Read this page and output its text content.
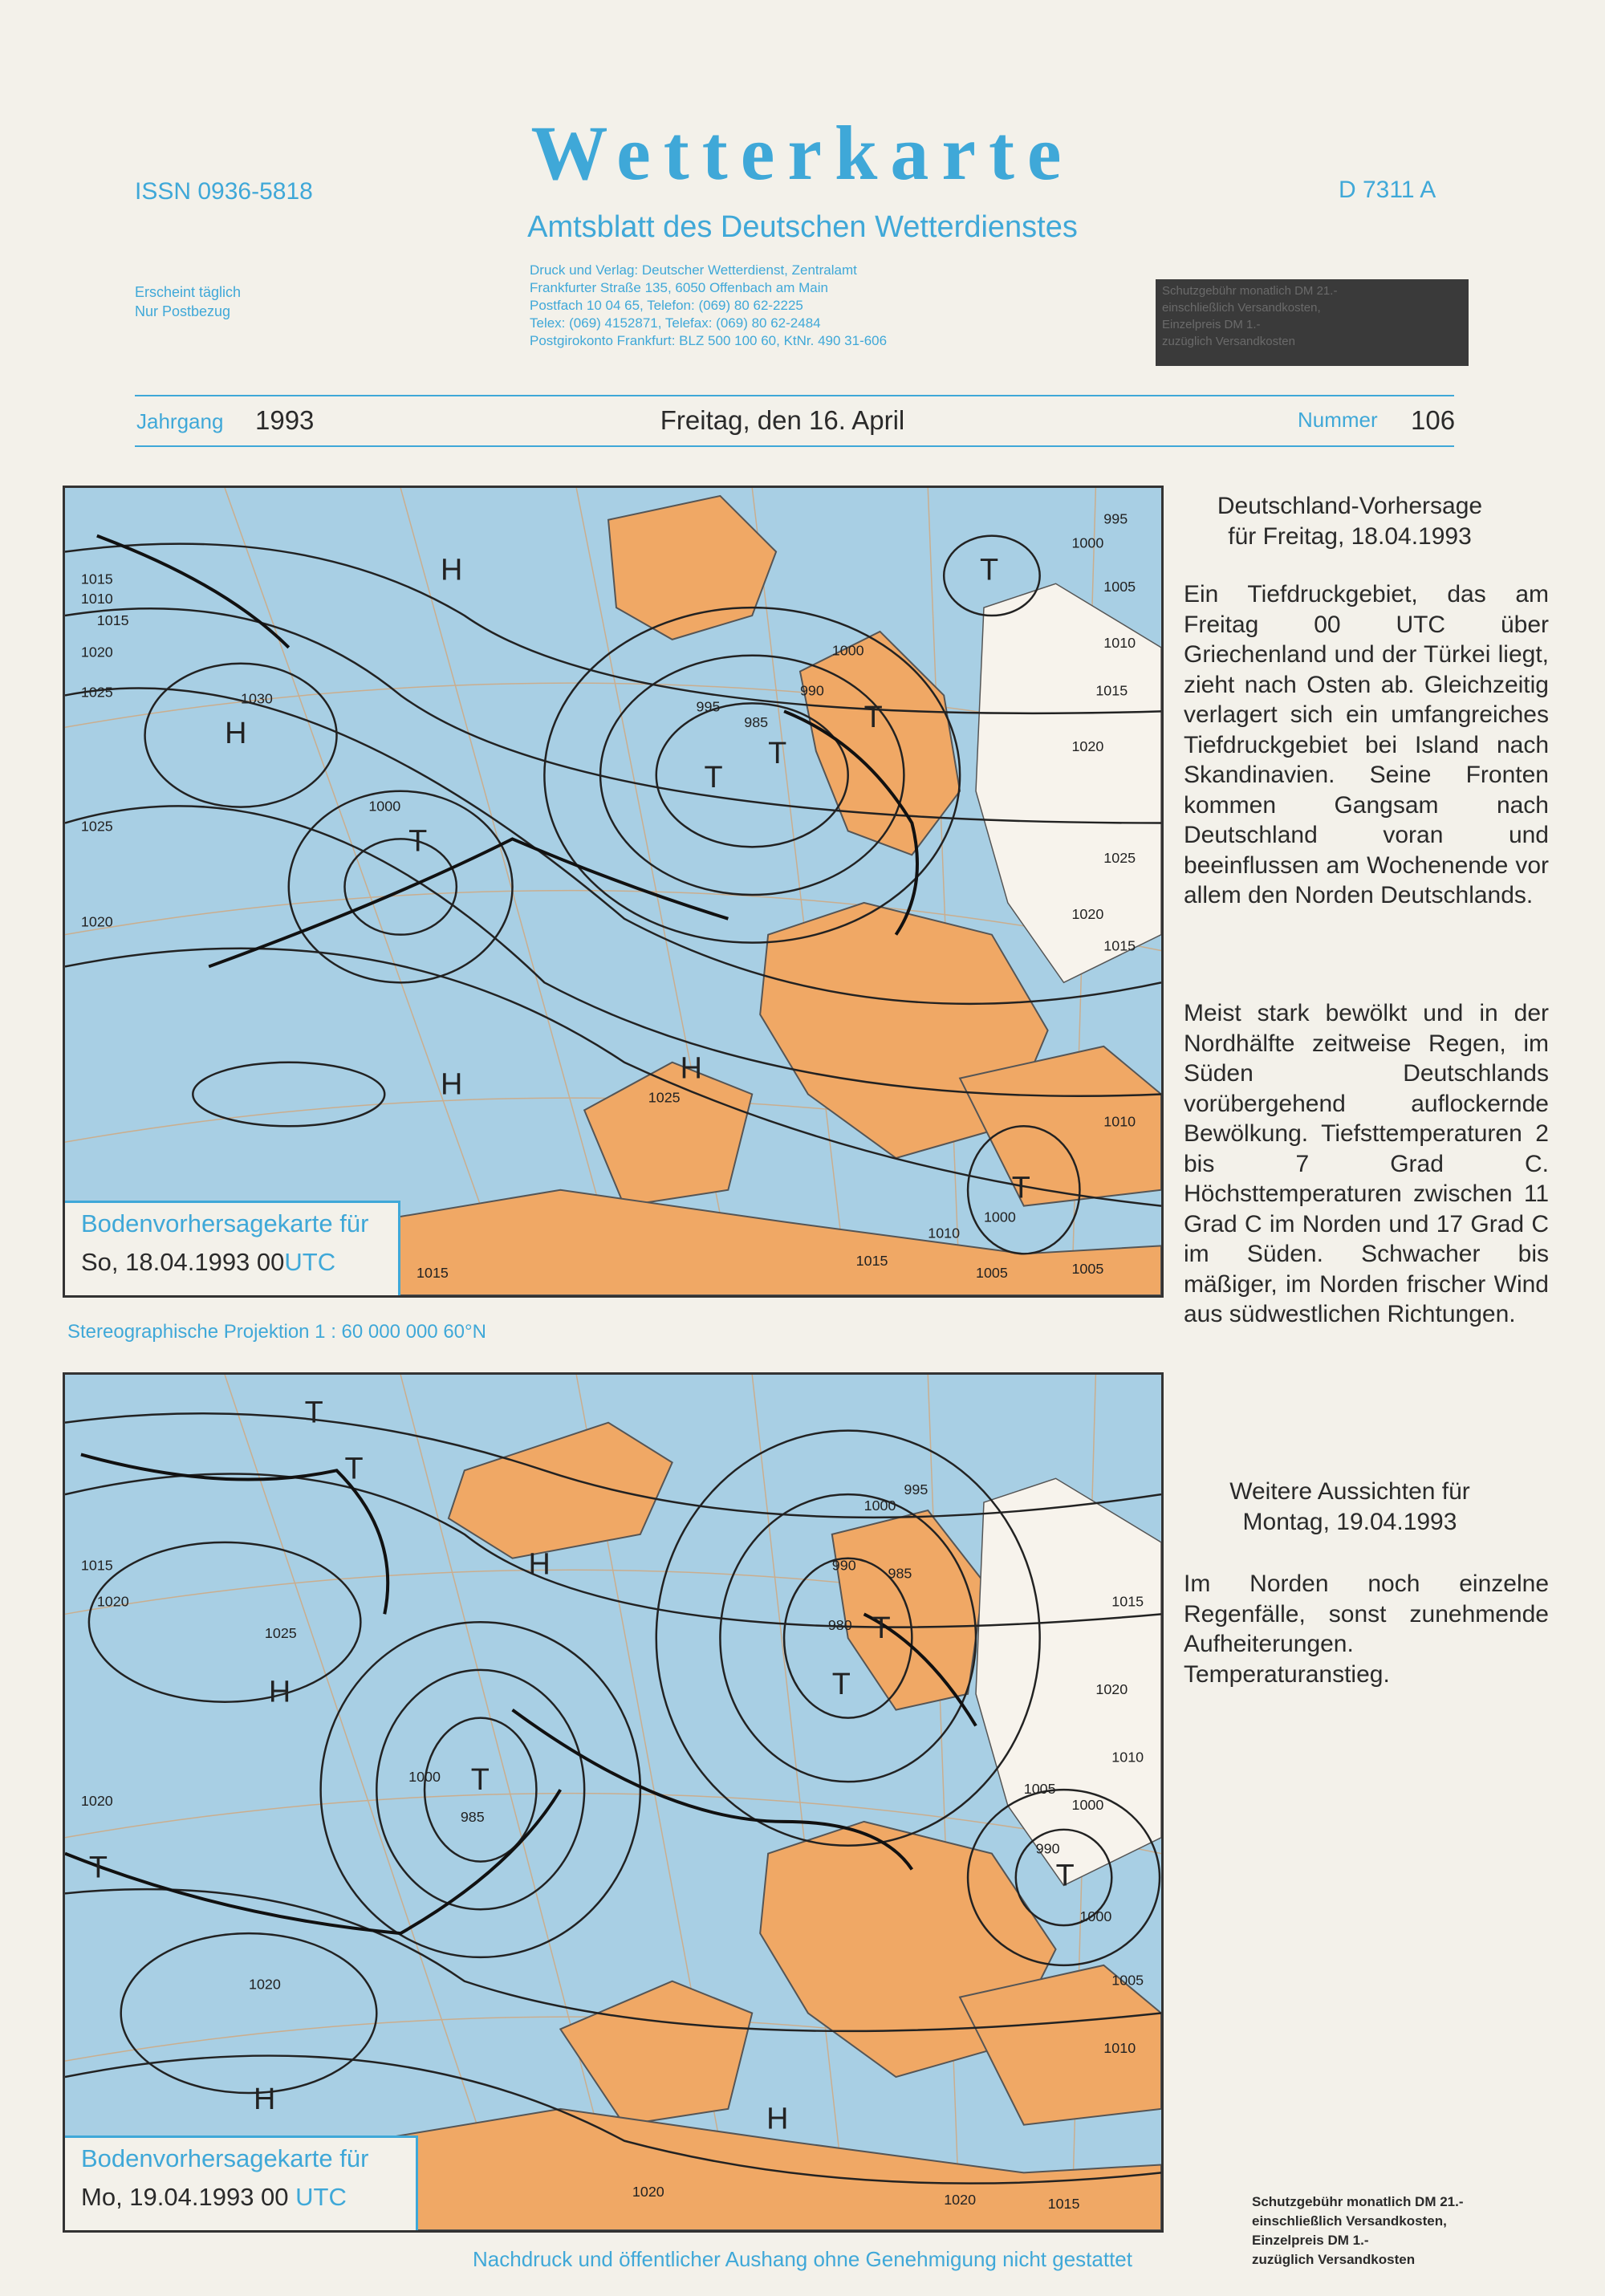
ISSN 0936-5818	Wetterkarte	D 7311 A
Amtsblatt des Deutschen Wetterdienstes
Erscheint täglich
Nur Postbezug
Druck und Verlag: Deutscher Wetterdienst, Zentralamt
Frankfurter Straße 135, 6050 Offenbach am Main
Postfach 10 04 65, Telefon: (069) 80 62-2225
Telex: (069) 4152871, Telefax: (069) 80 62-2484
Postgirokonto Frankfurt: BLZ 500 100 60, KtNr. 490 31-606
Schutzgebühr monatlich DM 21.-
einschließlich Versandkosten,
Einzelpreis DM 1.-
zuzüglich Versandkosten
Jahrgang 1993	Freitag, den 16. April	Nummer 106
H
H
H	H
T
T
T
T
T
T
1015
1010
1015
1020
1025	1030
1025
1020
1000
995
985
990
1000
995
1000
1005
1010
1015
1020
1025
1020
1015
1025
1010
1000
1010
1015
1005	1005
1015
Bodenvorhersagekarte für
So, 18.04.1993 00UTC
Stereographische Projektion 1 : 60 000 000 60°N
H
H
H
H
T
T
T
T
T
T
T
1015
1020
1025
1020
1000
985
1020
995
1000
990 985
980
1015
1020
1010
1005
1000
990
1000
1005
1010
1020	1020	1015
Bodenvorhersagekarte für
Mo, 19.04.1993 00 UTC
Deutschland-Vorhersage
für Freitag, 18.04.1993
Ein Tiefdruckgebiet, das am Freitag 00 UTC über Griechenland und der Türkei liegt, zieht nach Osten ab. Gleichzeitig verlagert sich ein umfangreiches Tiefdruckgebiet bei Island nach Skandinavien. Seine Fronten kommen Gangsam nach Deutschland voran und beeinflussen am Wochenende vor allem den Norden Deutschlands.
Meist stark bewölkt und in der Nordhälfte zeitweise Regen, im Süden Deutschlands vorübergehend auflockernde Bewölkung. Tiefsttemperaturen 2 bis 7 Grad C. Höchsttemperaturen zwischen 11 Grad C im Norden und 17 Grad C im Süden. Schwacher bis mäßiger, im Norden frischer Wind aus südwestlichen Richtungen.
Weitere Aussichten für
Montag, 19.04.1993
Im Norden noch einzelne Regenfälle, sonst zunehmende Aufheiterungen. Temperaturanstieg.
Schutzgebühr monatlich DM 21.-
einschließlich Versandkosten,
Einzelpreis DM 1.-
zuzüglich Versandkosten
Nachdruck und öffentlicher Aushang ohne Genehmigung nicht gestattet
